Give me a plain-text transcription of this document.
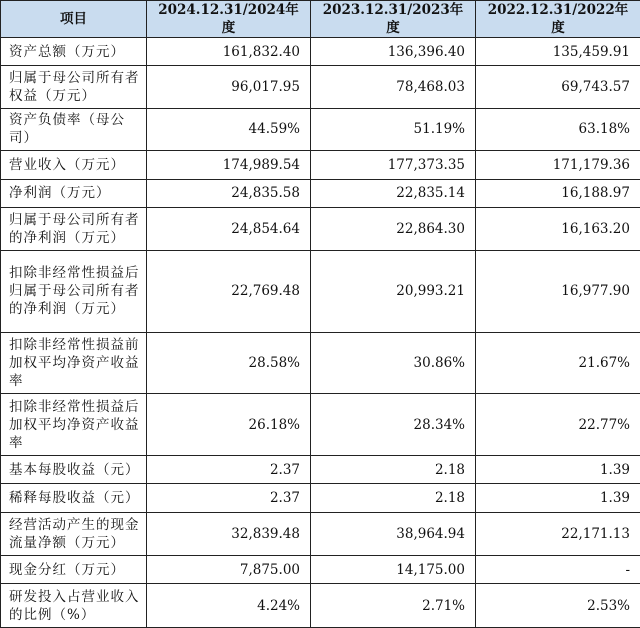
项目	2024.12.31/2024年度	2023.12.31/2023年度	2022.12.31/2022年度
资产总额（万元）	161,832.40	136,396.40	135,459.91
归属于母公司所有者权益（万元）	96,017.95	78,468.03	69,743.57
资产负债率（母公司）	44.59%	51.19%	63.18%
营业收入（万元）	174,989.54	177,373.35	171,179.36
净利润（万元）	24,835.58	22,835.14	16,188.97
归属于母公司所有者的净利润（万元）	24,854.64	22,864.30	16,163.20
扣除非经常性损益后归属于母公司所有者的净利润（万元）	22,769.48	20,993.21	16,977.90
扣除非经常性损益前加权平均净资产收益率	28.58%	30.86%	21.67%
扣除非经常性损益后加权平均净资产收益率	26.18%	28.34%	22.77%
基本每股收益（元）	2.37	2.18	1.39
稀释每股收益（元）	2.37	2.18	1.39
经营活动产生的现金流量净额（万元）	32,839.48	38,964.94	22,171.13
现金分红（万元）	7,875.00	14,175.00	-
研发投入占营业收入的比例（%）	4.24%	2.71%	2.53%
